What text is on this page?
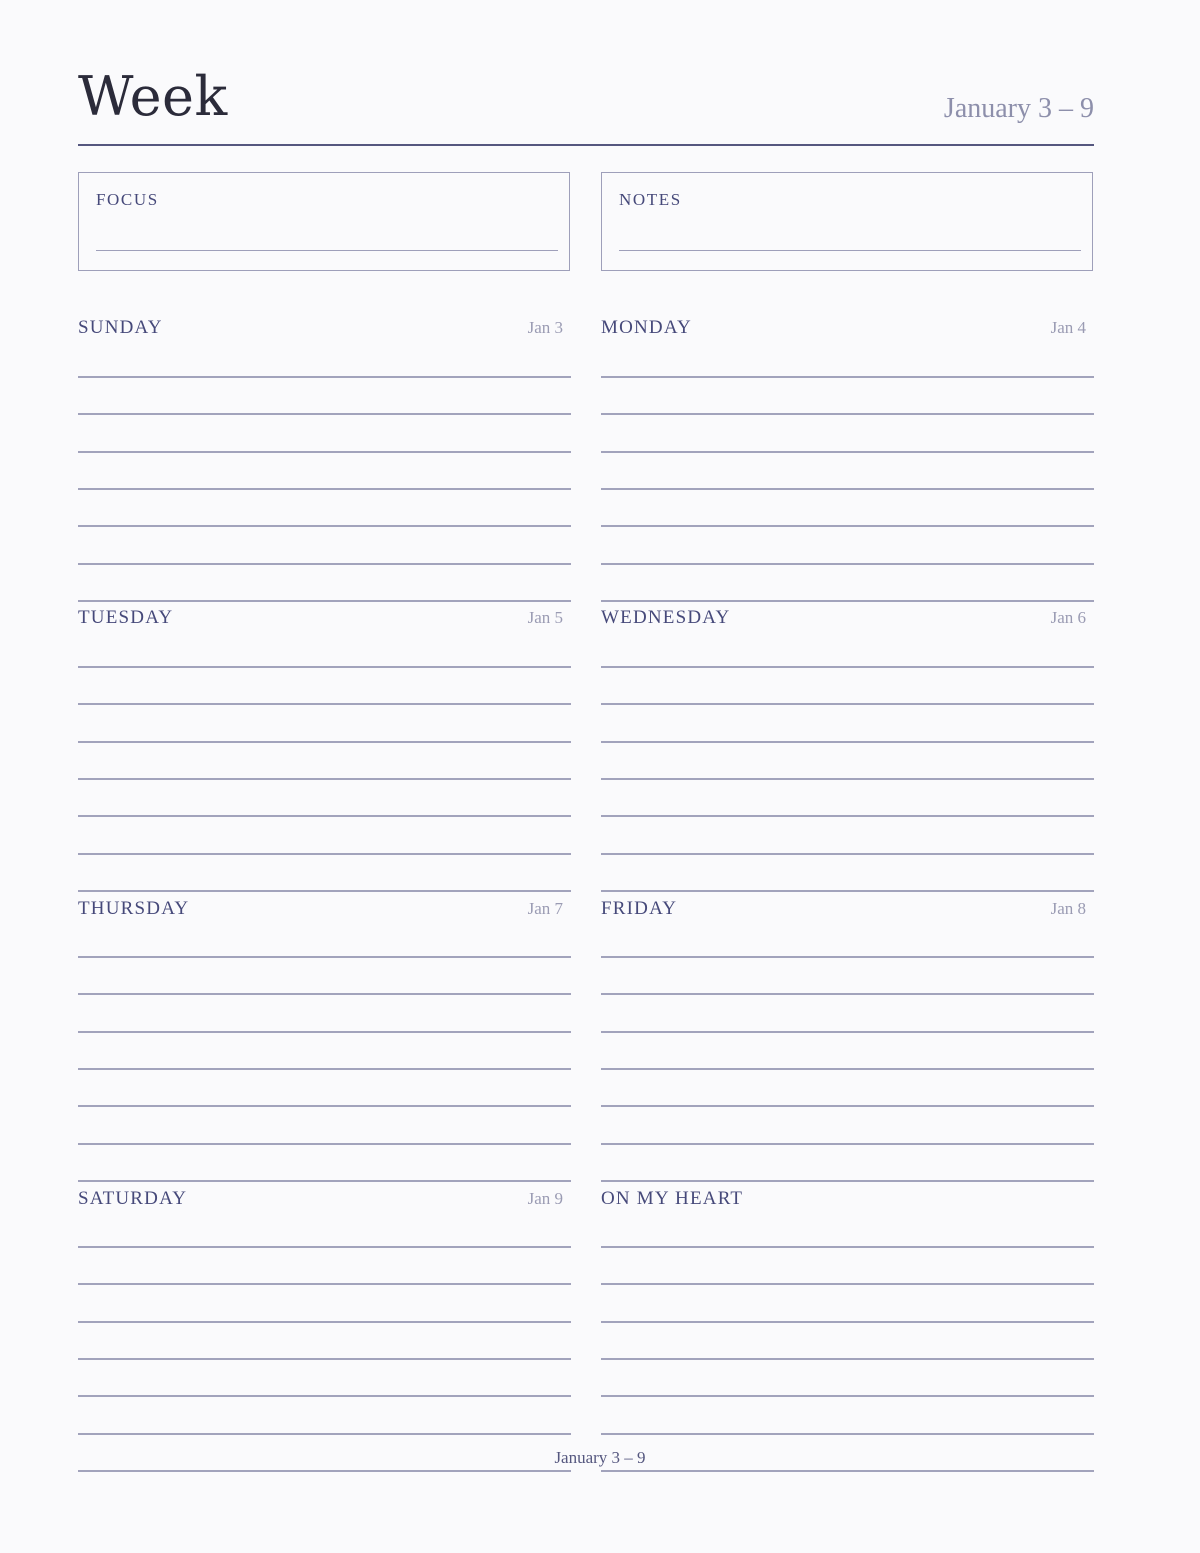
Week	January 3 – 9
FOCUS	NOTES
SUNDAY	Jan 3 MONDAY	Jan 4
TUESDAY	Jan 5 WEDNESDAY	Jan 6
THURSDAY	Jan 7 FRIDAY	Jan 8
SATURDAY	Jan 9 ON MY HEART
January 3 – 9
